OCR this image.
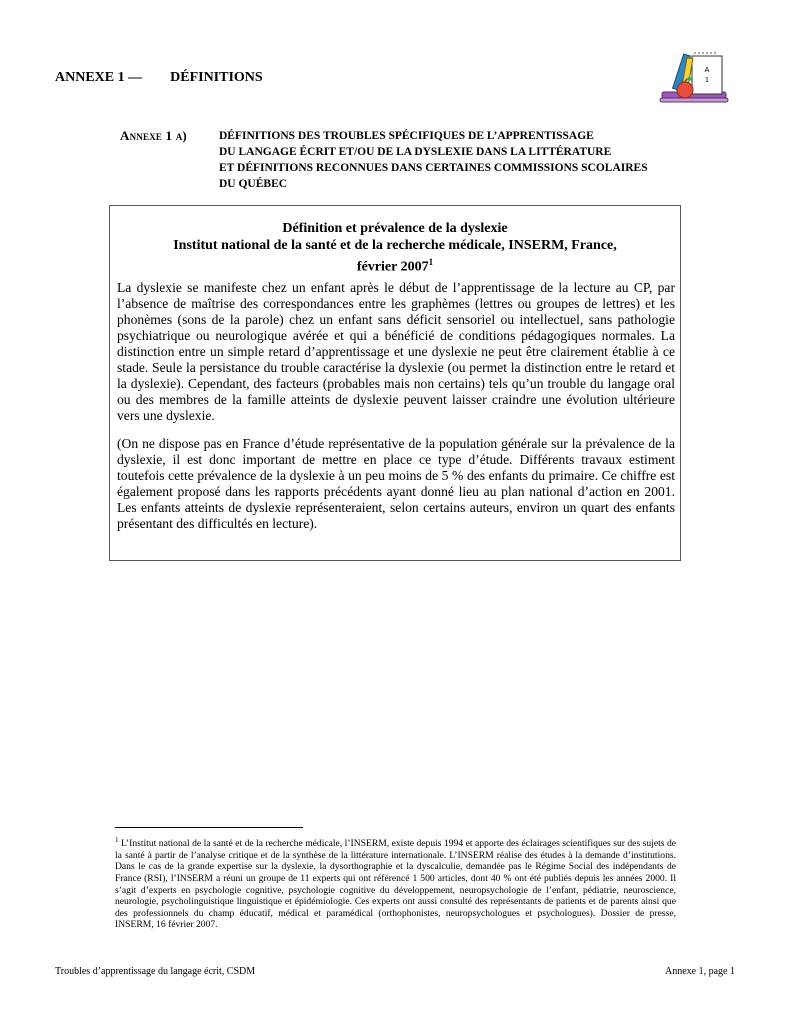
ANNEXE 1 — DÉFINITIONS	A
1
Annexe 1 a)	DÉFINITIONS DES TROUBLES SPÉCIFIQUES DE L’APPRENTISSAGE
DU LANGAGE ÉCRIT ET/OU DE LA DYSLEXIE DANS LA LITTÉRATURE
ET DÉFINITIONS RECONNUES DANS CERTAINES COMMISSIONS SCOLAIRES
DU QUÉBEC
Définition et prévalence de la dyslexie
Institut national de la santé et de la recherche médicale, INSERM, France,
février 2007$^1$

La dyslexie se manifeste chez un enfant après le début de l’apprentissage de la lecture au CP, par l’absence de maîtrise des correspondances entre les graphèmes (lettres ou groupes de lettres) et les phonèmes (sons de la parole) chez un enfant sans déficit sensoriel ou intellectuel, sans pathologie psychiatrique ou neurologique avérée et qui a bénéficié de conditions pédagogiques normales. La distinction entre un simple retard d’apprentissage et une dyslexie ne peut être clairement établie à ce stade. Seule la persistance du trouble caractérise la dyslexie (ou permet la distinction entre le retard et la dyslexie). Cependant, des facteurs (probables mais non certains) tels qu’un trouble du langage oral ou des membres de la famille atteints de dyslexie peuvent laisser craindre une évolution ultérieure vers une dyslexie.

(On ne dispose pas en France d’étude représentative de la population générale sur la prévalence de la dyslexie, il est donc important de mettre en place ce type d’étude. Différents travaux estiment toutefois cette prévalence de la dyslexie à un peu moins de 5 % des enfants du primaire. Ce chiffre est également proposé dans les rapports précédents ayant donné lieu au plan national d’action en 2001. Les enfants atteints de dyslexie représenteraient, selon certains auteurs, environ un quart des enfants présentant des difficultés en lecture).

$^1$ L’Institut national de la santé et de la recherche médicale, l’INSERM, existe depuis 1994 et apporte des éclairages scientifiques sur des sujets de la santé à partir de l’analyse critique et de la synthèse de la littérature internationale. L’INSERM réalise des études à la demande d’institutions. Dans le cas de la grande expertise sur la dyslexie, la dysorthographie et la dyscalculie, demandée pas le Régime Social des indépendants de France (RSI), l’INSERM a réuni un groupe de 11 experts qui ont référencé 1 500 articles, dont 40 % ont été publiés depuis les années 2000. Il s’agit d’experts en psychologie cognitive, psychologie cognitive du développement, neuropsychologie de l’enfant, pédiatrie, neuroscience, neurologie, psycholinguistique linguistique et épidémiologie. Ces experts ont aussi consulté des représentants de patients et de parents ainsi que des professionnels du champ éducatif, médical et paramédical (orthophonistes, neuropsychologues et psychologues). Dossier de presse, INSERM, 16 février 2007.
Troubles d’apprentissage du langage écrit, CSDM	Annexe 1, page 1
